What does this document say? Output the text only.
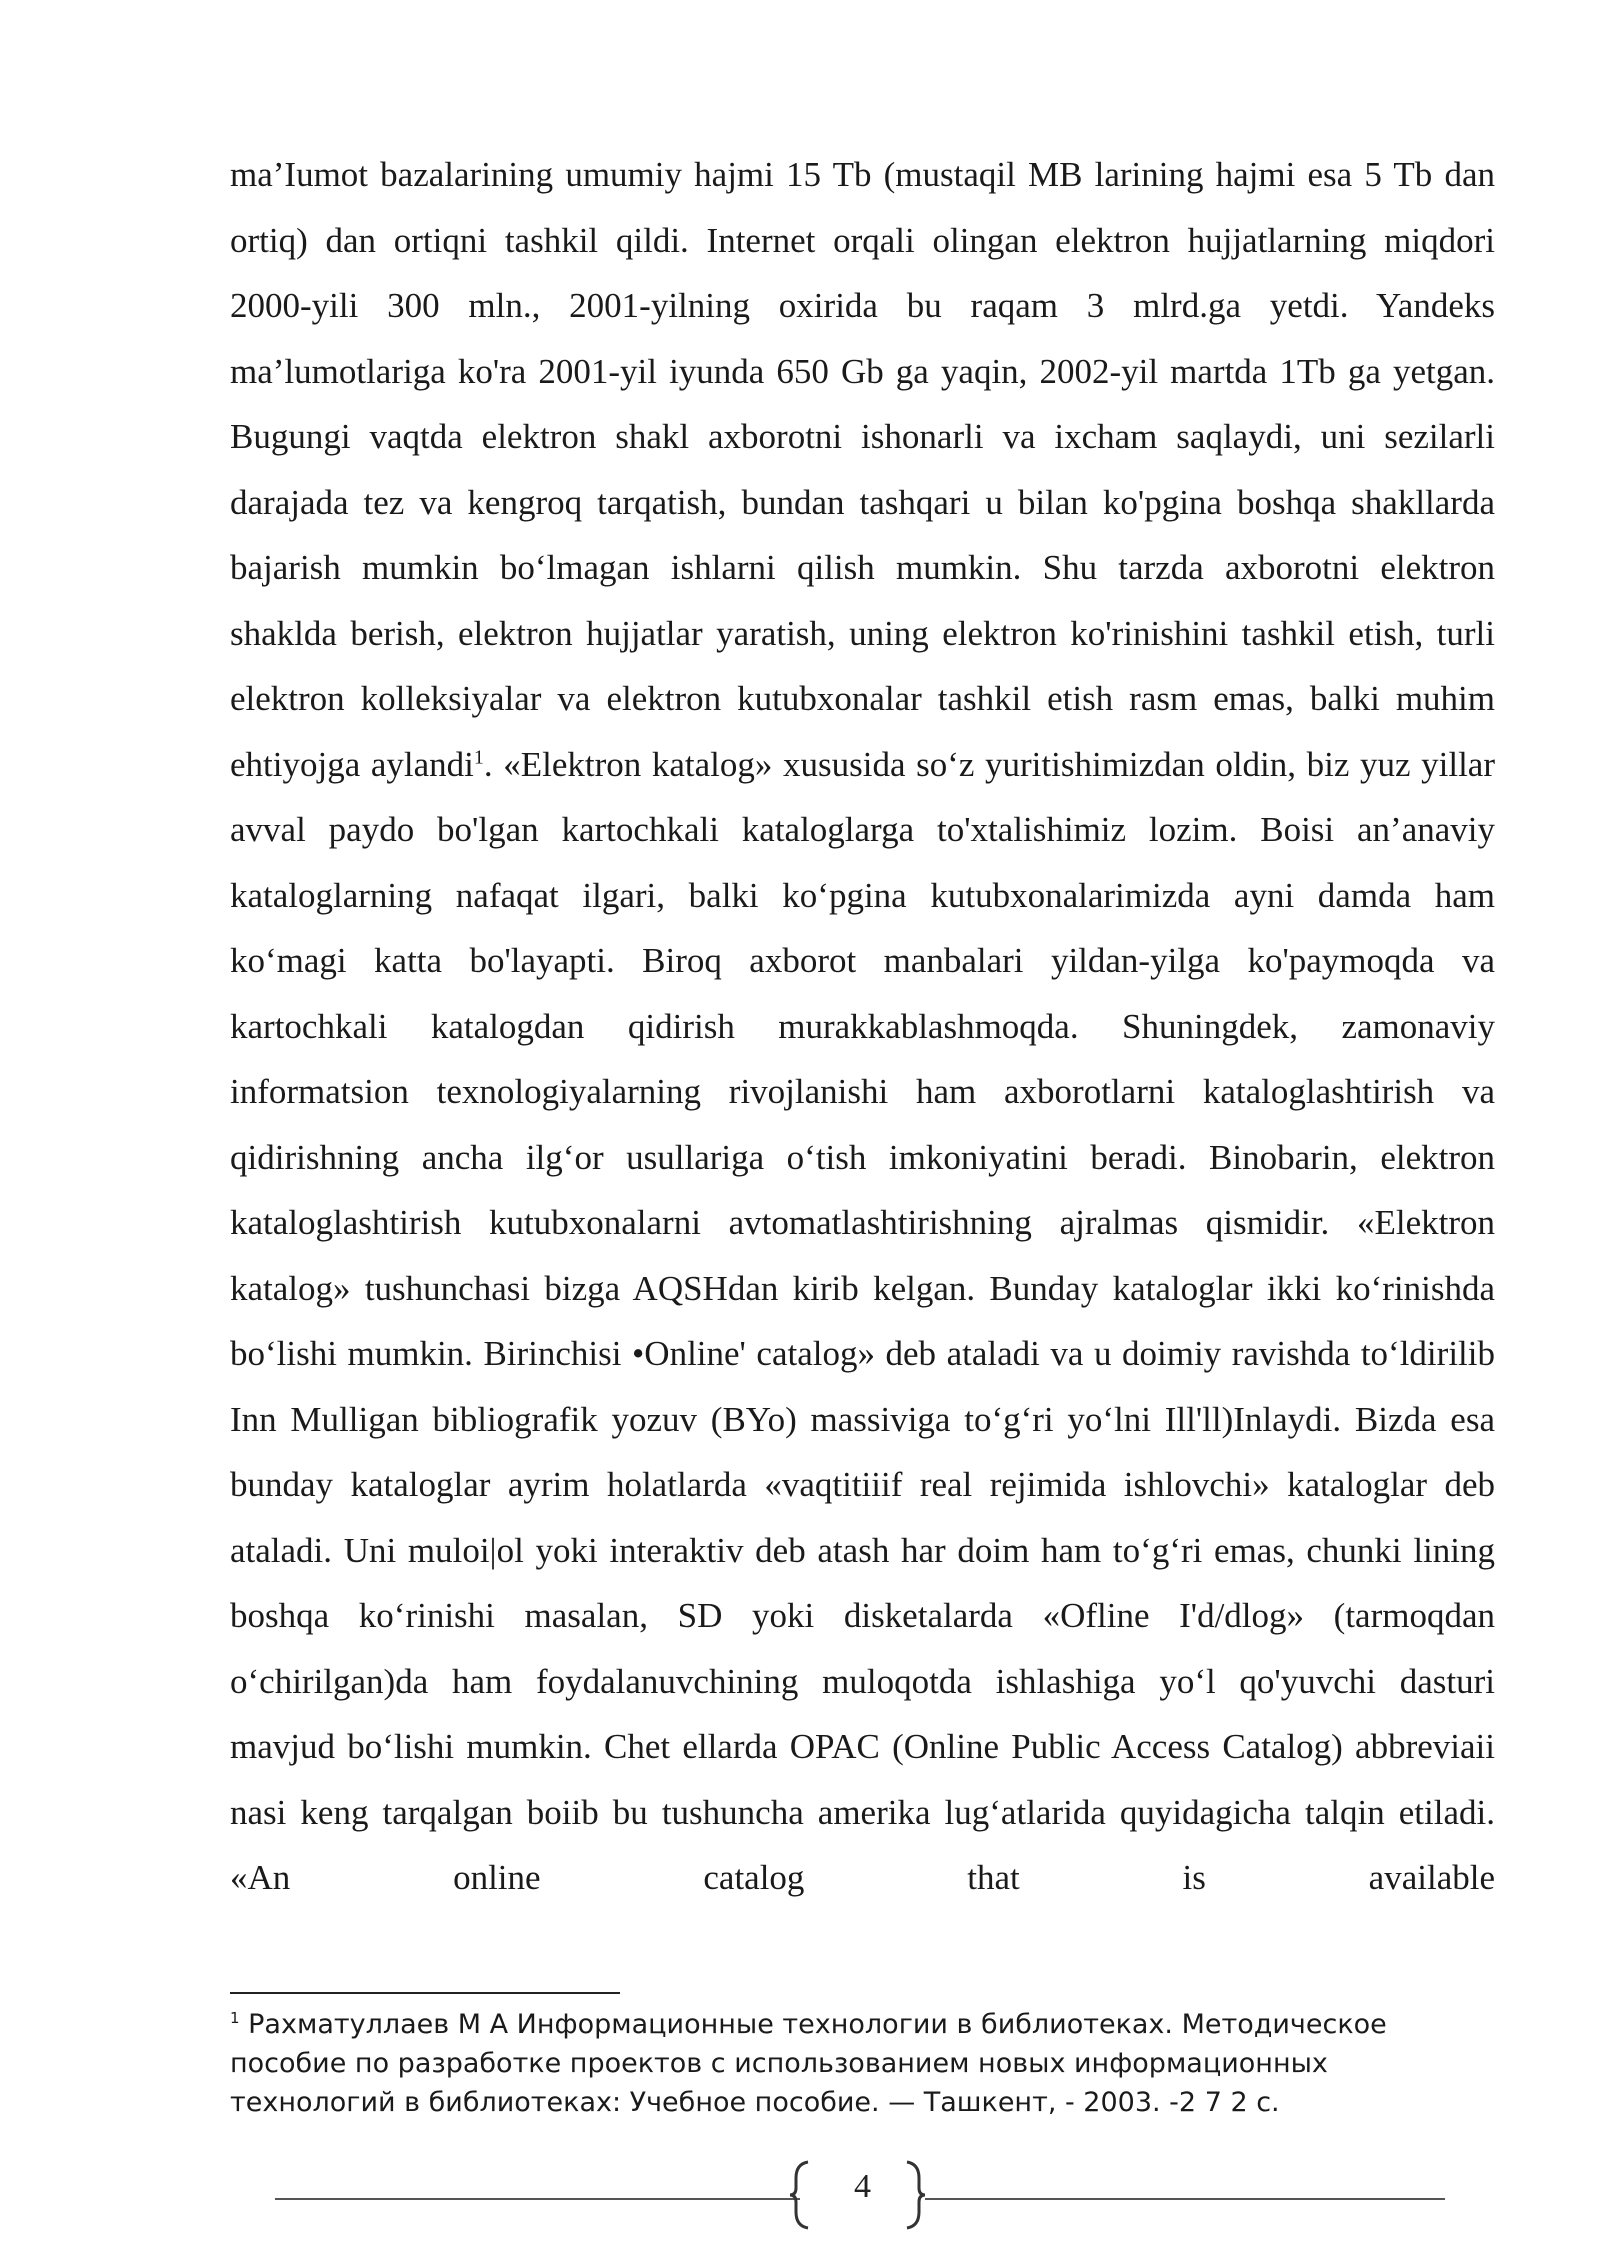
ma’Iumot bazalarining umumiy hajmi 15 Tb (mustaqil MB larining hajmi esa 5 Tb dan ortiq) dan ortiqni tashkil qildi. Internet orqali olingan elektron hujjatlarning miqdori 2000-yili 300 mln., 2001-yilning oxirida bu raqam 3 mlrd.ga yetdi. Yandeks ma’lumotlariga ko'ra 2001-yil iyunda 650 Gb ga yaqin, 2002-yil martda 1Tb ga yetgan. Bugungi vaqtda elektron shakl axborotni ishonarli va ixcham saqlaydi, uni sezilarli darajada tez va kengroq tarqatish, bundan tashqari u bilan ko'pgina boshqa shakllarda bajarish mumkin bo‘lmagan ishlarni qilish mumkin. Shu tarzda axborotni elektron shaklda berish, elektron hujjatlar yaratish, uning elektron ko'rinishini tashkil etish, turli elektron kolleksiyalar va elektron kutubxonalar tashkil etish rasm emas, balki muhim ehtiyojga aylandi$^1$. «Elektron katalog» xususida so‘z yuritishimizdan oldin, biz yuz yillar avval paydo bo'lgan kartochkali kataloglarga to'xtalishimiz lozim. Boisi an’anaviy kataloglarning nafaqat ilgari, balki ko‘pgina kutubxonalarimizda ayni damda ham ko‘magi katta bo'layapti. Biroq axborot manbalari yildan-yilga ko'paymoqda va kartochkali katalogdan qidirish murakkablashmoqda. Shuningdek, zamonaviy informatsion texnologiyalarning rivojlanishi ham axborotlarni kataloglashtirish va qidirishning ancha ilg‘or usullariga o‘tish imkoniyatini beradi. Binobarin, elektron kataloglashtirish kutubxonalarni avtomatlashtirishning ajralmas qismidir. «Elektron katalog» tushunchasi bizga AQSHdan kirib kelgan. Bunday kataloglar ikki ko‘rinishda bo‘lishi mumkin. Birinchisi •Online' catalog» deb ataladi va u doimiy ravishda to‘ldirilib Inn Mulligan bibliografik yozuv (BYo) massiviga to‘g‘ri yo‘lni Ill'll)Inlaydi. Bizda esa bunday kataloglar ayrim holatlarda «vaqtitiiif real rejimida ishlovchi» kataloglar deb ataladi. Uni muloi|ol yoki interaktiv deb atash har doim ham to‘g‘ri emas, chunki lining boshqa ko‘rinishi masalan, SD yoki disketalarda «Ofline I'd/dlog» (tarmoqdan o‘chirilgan)da ham foydalanuvchining muloqotda ishlashiga yo‘l qo'yuvchi dasturi mavjud bo‘lishi mumkin. Chet ellarda OPAC (Online Public Access Catalog) abbreviaii nasi keng tarqalgan boiib bu tushuncha amerika lug‘atlarida quyidagicha talqin etiladi. «An online catalog that is available

$^1$ Рахматуллаев М А Информационные технологии в библиотеках. Методическое пособие по разработке проектов с использованием новых информационных технологий в библиотеках: Учебное пособие. — Ташкент, - 2003. -2 7 2 с.

4
